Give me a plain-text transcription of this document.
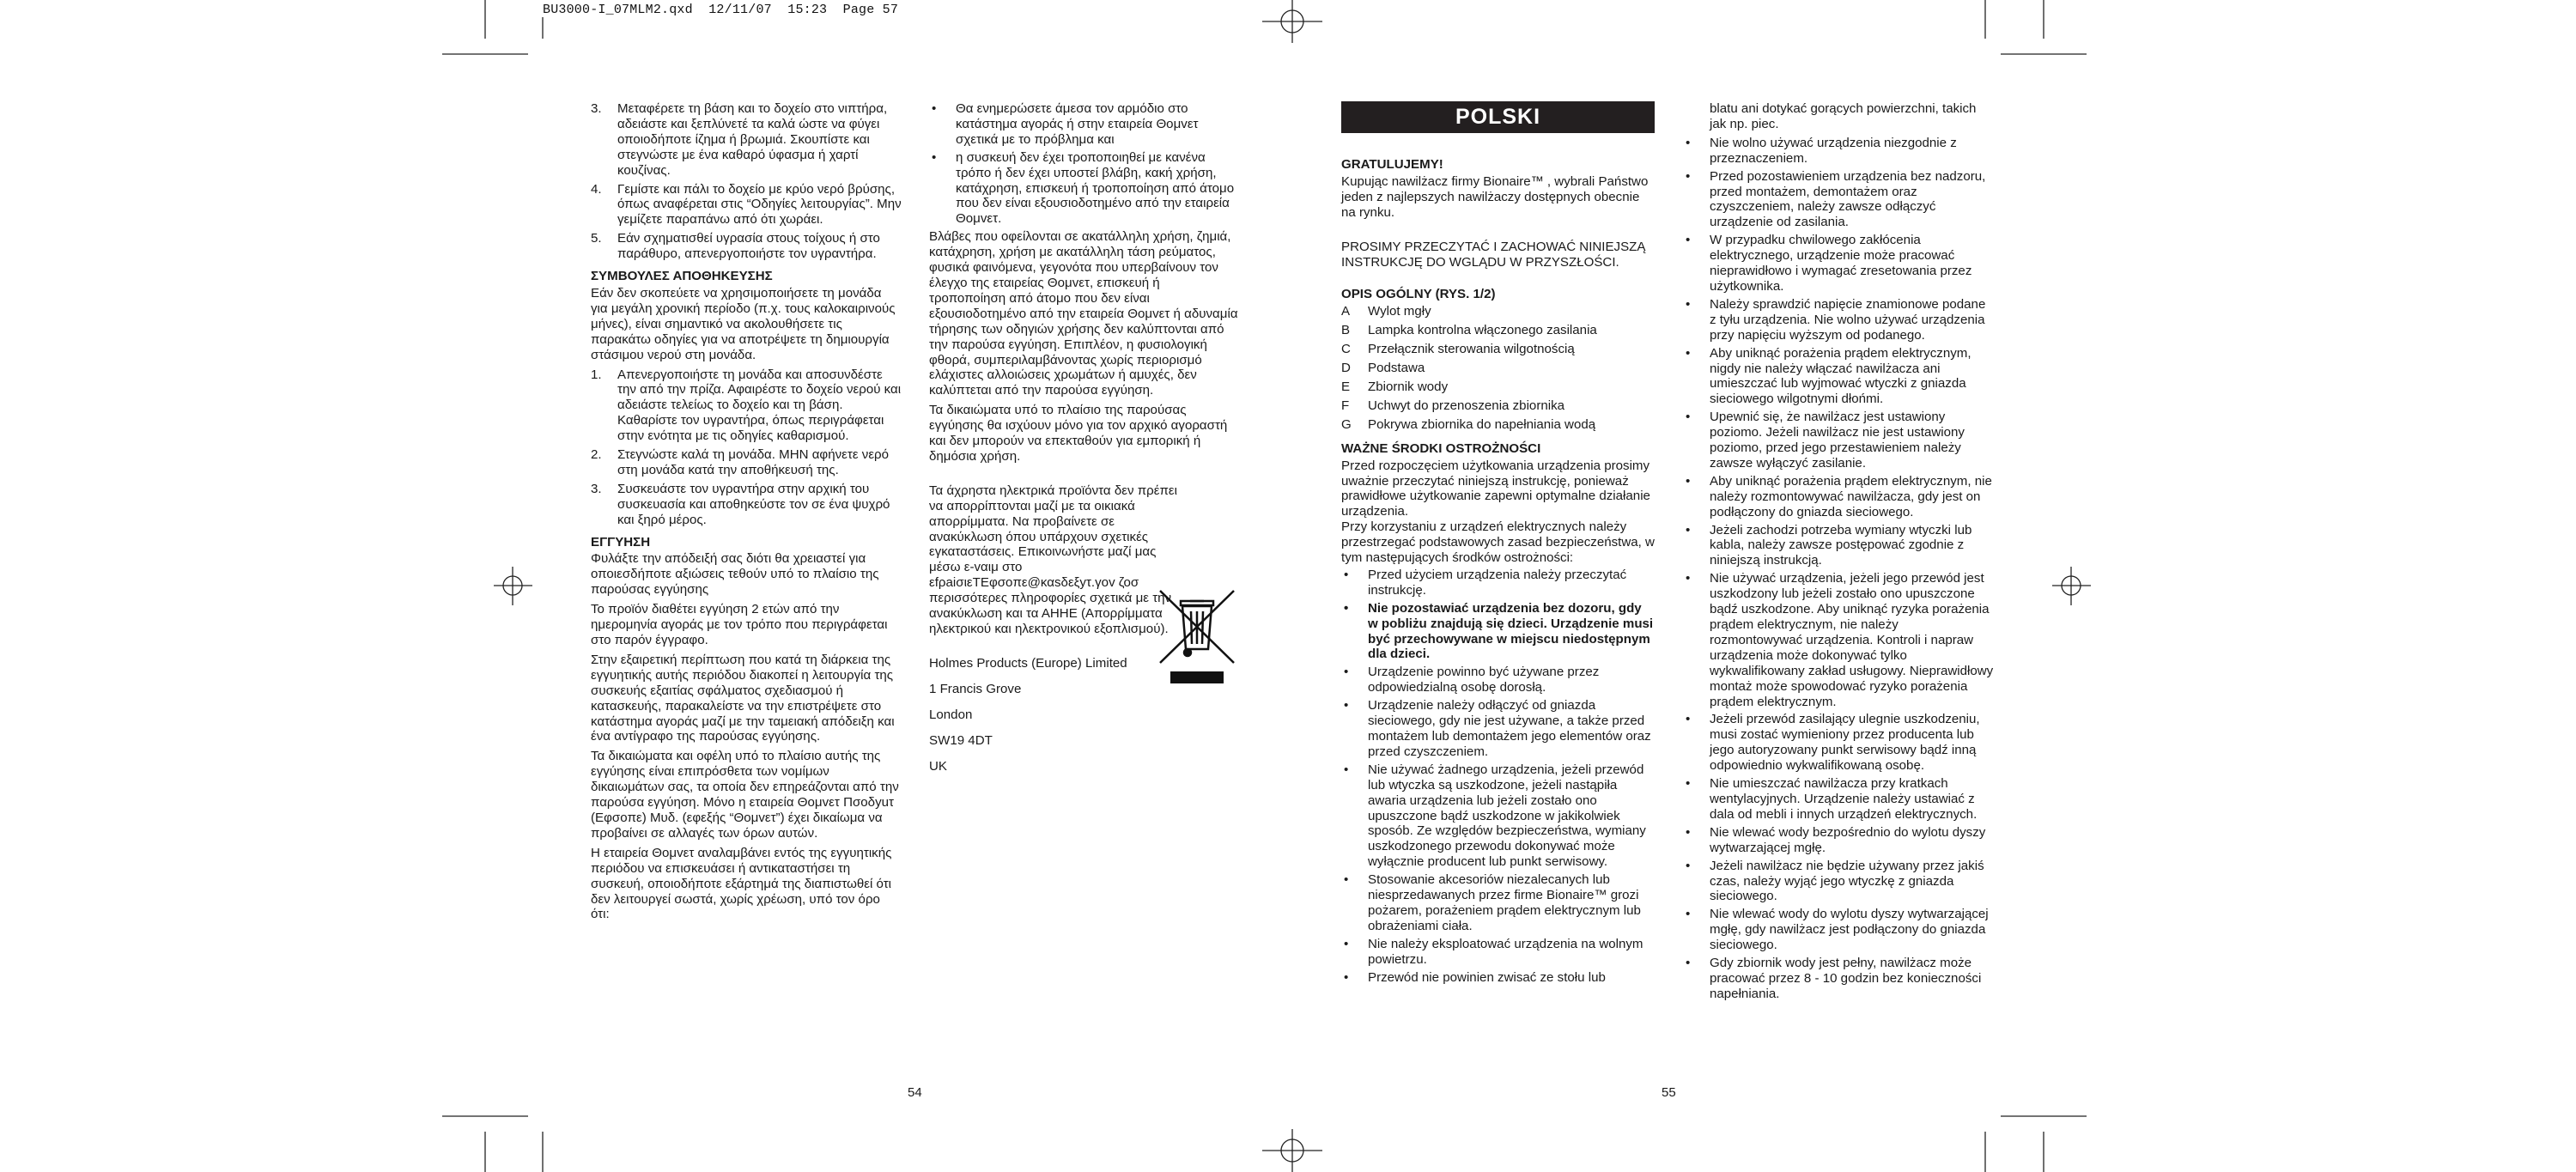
BU3000-I_07MLM2.qxd  12/11/07  15:23  Page 57
3. Μεταφέρετε τη βάση και το δοχείο στο νιπτήρα, αδειάστε και ξεπλύνετέ τα καλά ώστε να φύγει οποιοδήποτε ίζημα ή βρωμιά. Σκουπίστε και στεγνώστε με ένα καθαρό ύφασμα ή χαρτί κουζίνας.
4. Γεμίστε και πάλι το δοχείο με κρύο νερό βρύσης, όπως αναφέρεται στις “Οδηγίες λειτουργίας”. Μην γεμίζετε παραπάνω από ότι χωράει.
5. Εάν σχηματισθεί υγρασία στους τοίχους ή στο παράθυρο, απενεργοποιήστε τον υγραντήρα.
ΣΥΜΒΟΥΛΕΣ ΑΠΟΘΗΚΕΥΣΗΣ

Εάν δεν σκοπεύετε να χρησιμοποιήσετε τη μονάδα για μεγάλη χρονική περίοδο (π.χ. τους καλοκαιρινούς μήνες), είναι σημαντικό να ακολουθήσετε τις παρακάτω οδηγίες για να αποτρέψετε τη δημιουργία στάσιμου νερού στη μονάδα.

1. Απενεργοποιήστε τη μονάδα και αποσυνδέστε την από την πρίζα. Αφαιρέστε το δοχείο νερού και αδειάστε τελείως το δοχείο και τη βάση. Καθαρίστε τον υγραντήρα, όπως περιγράφεται στην ενότητα με τις οδηγίες καθαρισμού.
2. Στεγνώστε καλά τη μονάδα. ΜΗΝ αφήνετε νερό στη μονάδα κατά την αποθήκευσή της.
3. Συσκευάστε τον υγραντήρα στην αρχική του συσκευασία και αποθηκεύστε τον σε ένα ψυχρό και ξηρό μέρος.
ΕΓΓΥΗΣΗ

Φυλάξτε την απόδειξή σας διότι θα χρειαστεί για οποιεσδήποτε αξιώσεις τεθούν υπό το πλαίσιο της παρούσας εγγύησης

Το προϊόν διαθέτει εγγύηση 2 ετών από την ημερομηνία αγοράς με τον τρόπο που περιγράφεται στο παρόν έγγραφο.

Στην εξαιρετική περίπτωση που κατά τη διάρκεια της εγγυητικής αυτής περιόδου διακοπεί η λειτουργία της συσκευής εξαιτίας σφάλματος σχεδιασμού ή κατασκευής, παρακαλείστε να την επιστρέψετε στο κατάστημα αγοράς μαζί με την ταμειακή απόδειξη και ένα αντίγραφο της παρούσας εγγύησης.

Τα δικαιώματα και οφέλη υπό το πλαίσιο αυτής της εγγύησης είναι επιπρόσθετα των νομίμων δικαιωμάτων σας, τα οποία δεν επηρεάζονται από την παρούσα εγγύηση. Μόνο η εταιρεία Θομvετ Πσοδyuτ (Εφσoπε) Μυδ. (εφεξής “Θομvετ”) έχει δικαίωμα να προβαίνει σε αλλαγές των όρων αυτών.

Η εταιρεία Θομvετ αναλαμβάνει εντός της εγγυητικής περιόδου να επισκευάσει ή αντικαταστήσει τη συσκευή, οποιοδήποτε εξάρτημά της διαπιστωθεί ότι δεν λειτουργεί σωστά, χωρίς χρέωση, υπό τον όρο ότι:

• Θα ενημερώσετε άμεσα τον αρμόδιο στο κατάστημα αγοράς ή στην εταιρεία Θομvετ σχετικά με το πρόβλημα και
• η συσκευή δεν έχει τροποποιηθεί με κανένα τρόπο ή δεν έχει υποστεί βλάβη, κακή χρήση, κατάχρηση, επισκευή ή τροποποίηση από άτομο που δεν είναι εξουσιοδοτημένο από την εταιρεία Θομvετ.

Βλάβες που οφείλονται σε ακατάλληλη χρήση, ζημιά, κατάχρηση, χρήση με ακατάλληλη τάση ρεύματος, φυσικά φαινόμενα, γεγονότα που υπερβαίνουν τον έλεγχο της εταιρείας Θομvετ, επισκευή ή τροποποίηση από άτομο που δεν είναι εξουσιοδοτημένο από την εταιρεία Θομvετ ή αδυναμία τήρησης των οδηγιών χρήσης δεν καλύπτονται από την παρούσα εγγύηση. Επιπλέον, η φυσιολογική φθορά, συμπεριλαμβάνοντας χωρίς περιορισμό ελάχιστες αλλοιώσεις χρωμάτων ή αμυχές, δεν καλύπτεται από την παρούσα εγγύηση.

Τα δικαιώματα υπό το πλαίσιο της παρούσας εγγύησης θα ισχύουν μόνο για τον αρχικό αγοραστή και δεν μπορούν να επεκταθούν για εμπορική ή δημόσια χρήση.

Τα άχρηστα ηλεκτρικά προϊόντα δεν πρέπει να απορρίπτονται μαζί με τα οικιακά απορρίμματα. Να προβαίνετε σε ανακύκλωση όπου υπάρχουν σχετικές εγκαταστάσεις. Επικοινωνήστε μαζί μας μέσω ε-vαιμ στο εfρaiσιεTEφσoπε@καsδεξyτ.γov ζοσ περισσότερες πληροφορίες σχετικά με την ανακύκλωση και τα ΑΗΗΕ (Απορρίμματα ηλεκτρικού και ηλεκτρονικού εξοπλισμού).

Holmes Products (Europe) Limited

1 Francis Grove

London

SW19 4DT

UK

POLSKI
GRATULUJEMY!

Kupując nawilżacz firmy Bionaire™ , wybrali Państwo jeden z najlepszych nawilżaczy dostępnych obecnie na rynku.

PROSIMY PRZECZYTAĆ I ZACHOWAĆ NINIEJSZĄ INSTRUKCJĘ DO WGLĄDU W PRZYSZŁOŚCI.

OPIS OGÓLNY (RYS. 1/2)
A Wylot mgły
B Lampka kontrolna włączonego zasilania
C Przełącznik sterowania wilgotnością
D Podstawa
E Zbiornik wody
F Uchwyt do przenoszenia zbiornika
G Pokrywa zbiornika do napełniania wodą
WAŻNE ŚRODKI OSTROŻNOŚCI

Przed rozpoczęciem użytkowania urządzenia prosimy uważnie przeczytać niniejszą instrukcję, ponieważ prawidłowe użytkowanie zapewni optymalne działanie urządzenia.

Przy korzystaniu z urządzeń elektrycznych należy przestrzegać podstawowych zasad bezpieczeństwa, w tym następujących środków ostrożności:

• Przed użyciem urządzenia należy przeczytać instrukcję.
• Nie pozostawiać urządzenia bez dozoru, gdy w pobliżu znajdują się dzieci. Urządzenie musi być przechowywane w miejscu niedostępnym dla dzieci.
• Urządzenie powinno być używane przez odpowiedzialną osobę dorosłą.
• Urządzenie należy odłączyć od gniazda sieciowego, gdy nie jest używane, a także przed montażem lub demontażem jego elementów oraz przed czyszczeniem.
• Nie używać żadnego urządzenia, jeżeli przewód lub wtyczka są uszkodzone, jeżeli nastąpiła awaria urządzenia lub jeżeli zostało ono upuszczone bądź uszkodzone w jakikolwiek sposób. Ze względów bezpieczeństwa, wymiany uszkodzonego przewodu dokonywać może wyłącznie producent lub punkt serwisowy.
• Stosowanie akcesoriów niezalecanych lub niesprzedawanych przez firme Bionaire™ grozi pożarem, porażeniem prądem elektrycznym lub obrażeniami ciała.
• Nie należy eksploatować urządzenia na wolnym powietrzu.
• Przewód nie powinien zwisać ze stołu lub

blatu ani dotykać gorących powierzchni, takich jak np. piec.

• Nie wolno używać urządzenia niezgodnie z przeznaczeniem.
• Przed pozostawieniem urządzenia bez nadzoru, przed montażem, demontażem oraz czyszczeniem, należy zawsze odłączyć urządzenie od zasilania.
• W przypadku chwilowego zakłócenia elektrycznego, urządzenie może pracować nieprawidłowo i wymagać zresetowania przez użytkownika.
• Należy sprawdzić napięcie znamionowe podane z tyłu urządzenia. Nie wolno używać urządzenia przy napięciu wyższym od podanego.
• Aby uniknąć porażenia prądem elektrycznym, nigdy nie należy włączać nawilżacza ani umieszczać lub wyjmować wtyczki z gniazda sieciowego wilgotnymi dłońmi.
• Upewnić się, że nawilżacz jest ustawiony poziomo. Jeżeli nawilżacz nie jest ustawiony poziomo, przed jego przestawieniem należy zawsze wyłączyć zasilanie.
• Aby uniknąć porażenia prądem elektrycznym, nie należy rozmontowywać nawilżacza, gdy jest on podłączony do gniazda sieciowego.
• Jeżeli zachodzi potrzeba wymiany wtyczki lub kabla, należy zawsze postępować zgodnie z niniejszą instrukcją.
• Nie używać urządzenia, jeżeli jego przewód jest uszkodzony lub jeżeli zostało ono upuszczone bądź uszkodzone. Aby uniknąć ryzyka porażenia prądem elektrycznym, nie należy rozmontowywać urządzenia. Kontroli i napraw urządzenia może dokonywać tylko wykwalifikowany zakład usługowy. Nieprawidłowy montaż może spowodować ryzyko porażenia prądem elektrycznym.
• Jeżeli przewód zasilający ulegnie uszkodzeniu, musi zostać wymieniony przez producenta lub jego autoryzowany punkt serwisowy bądź inną odpowiednio wykwalifikowaną osobę.
• Nie umieszczać nawilżacza przy kratkach wentylacyjnych. Urządzenie należy ustawiać z dala od mebli i innych urządzeń elektrycznych.
• Nie wlewać wody bezpośrednio do wylotu dyszy wytwarzającej mgłę.
• Jeżeli nawilżacz nie będzie używany przez jakiś czas, należy wyjąć jego wtyczkę z gniazda sieciowego.
• Nie wlewać wody do wylotu dyszy wytwarzającej mgłę, gdy nawilżacz jest podłączony do gniazda sieciowego.
• Gdy zbiornik wody jest pełny, nawilżacz może pracować przez 8 - 10 godzin bez konieczności napełniania.
54	55
